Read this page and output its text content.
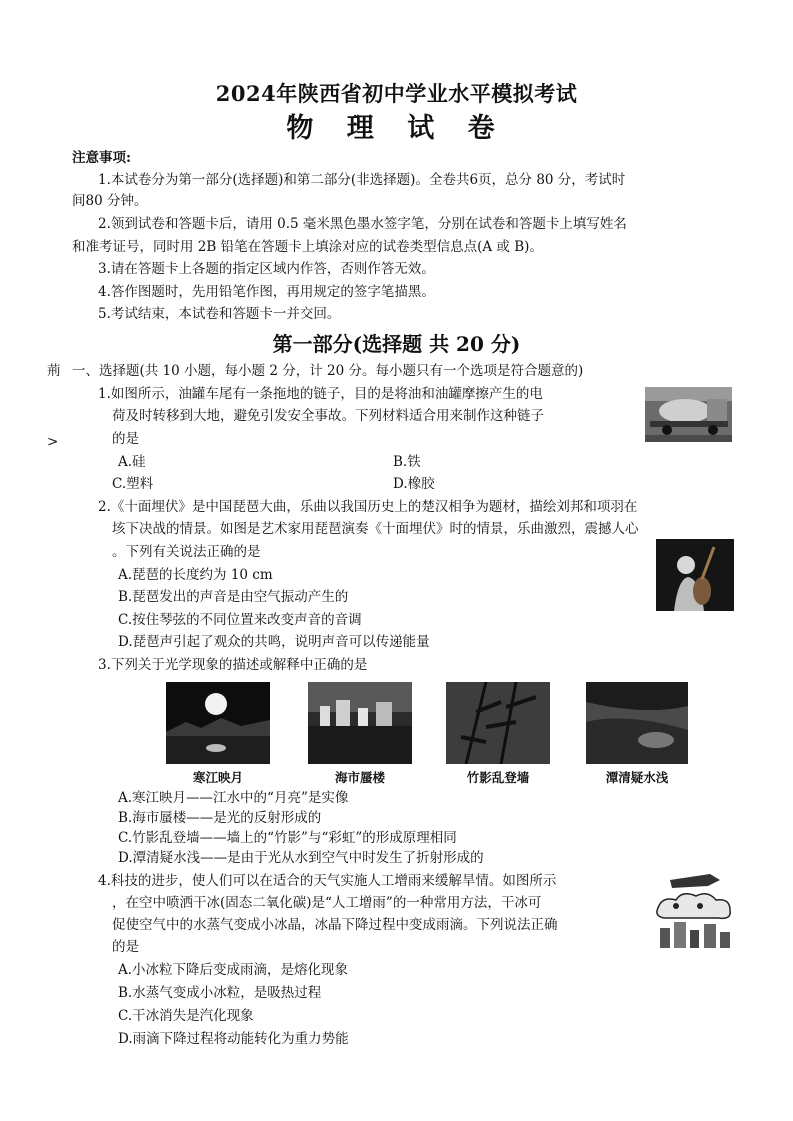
2024年陕西省初中学业水平模拟考试
物 理 试 卷
注意事项:
1.本试卷分为第一部分(选择题)和第二部分(非选择题)。全卷共6页，总分 80 分，考试时
间80 分钟。
2.领到试卷和答题卡后，请用 0.5 毫米黑色墨水签字笔，分别在试卷和答题卡上填写姓名
和准考证号，同时用 2B 铅笔在答题卡上填涂对应的试卷类型信息点(A 或 B)。
3.请在答题卡上各题的指定区域内作答，否则作答无效。
4.答作图题时，先用铅笔作图，再用规定的签字笔描黑。
5.考试结束，本试卷和答题卡一并交回。
第一部分(选择题 共 20 分)
荊 一、选择题(共 10 小题，每小题 2 分，计 20 分。每小题只有一个选项是符合题意的)
>
1.如图所示，油罐车尾有一条拖地的链子，目的是将油和油罐摩擦产生的电
荷及时转移到大地，避免引发安全事故。下列材料适合用来制作这种链子
的是
A.硅	B.铁
C.塑料	D.橡胶
2.《十面埋伏》是中国琵琶大曲，乐曲以我国历史上的楚汉相争为题材，描绘刘邦和项羽在
垓下决战的情景。如图是艺术家用琵琶演奏《十面埋伏》时的情景，乐曲激烈，震撼人心
。下列有关说法正确的是
A.琵琶的长度约为 10 cm
B.琵琶发出的声音是由空气振动产生的
C.按住琴弦的不同位置来改变声音的音调
D.琵琶声引起了观众的共鸣，说明声音可以传递能量
3.下列关于光学现象的描述或解释中正确的是
寒江映月	海市蜃楼	竹影乱登墙	潭清疑水浅
A.寒江映月——江水中的“月亮”是实像
B.海市蜃楼——是光的反射形成的
C.竹影乱登墙——墙上的“竹影”与“彩虹”的形成原理相同
D.潭清疑水浅——是由于光从水到空气中时发生了折射形成的
4.科技的进步，使人们可以在适合的天气实施人工增雨来缓解旱情。如图所示
，在空中喷洒干冰(固态二氧化碳)是“人工增雨”的一种常用方法，干冰可
促使空气中的水蒸气变成小冰晶，冰晶下降过程中变成雨滴。下列说法正确
的是
A.小冰粒下降后变成雨滴，是熔化现象
B.水蒸气变成小冰粒，是吸热过程
C.干冰消失是汽化现象
D.雨滴下降过程将动能转化为重力势能
